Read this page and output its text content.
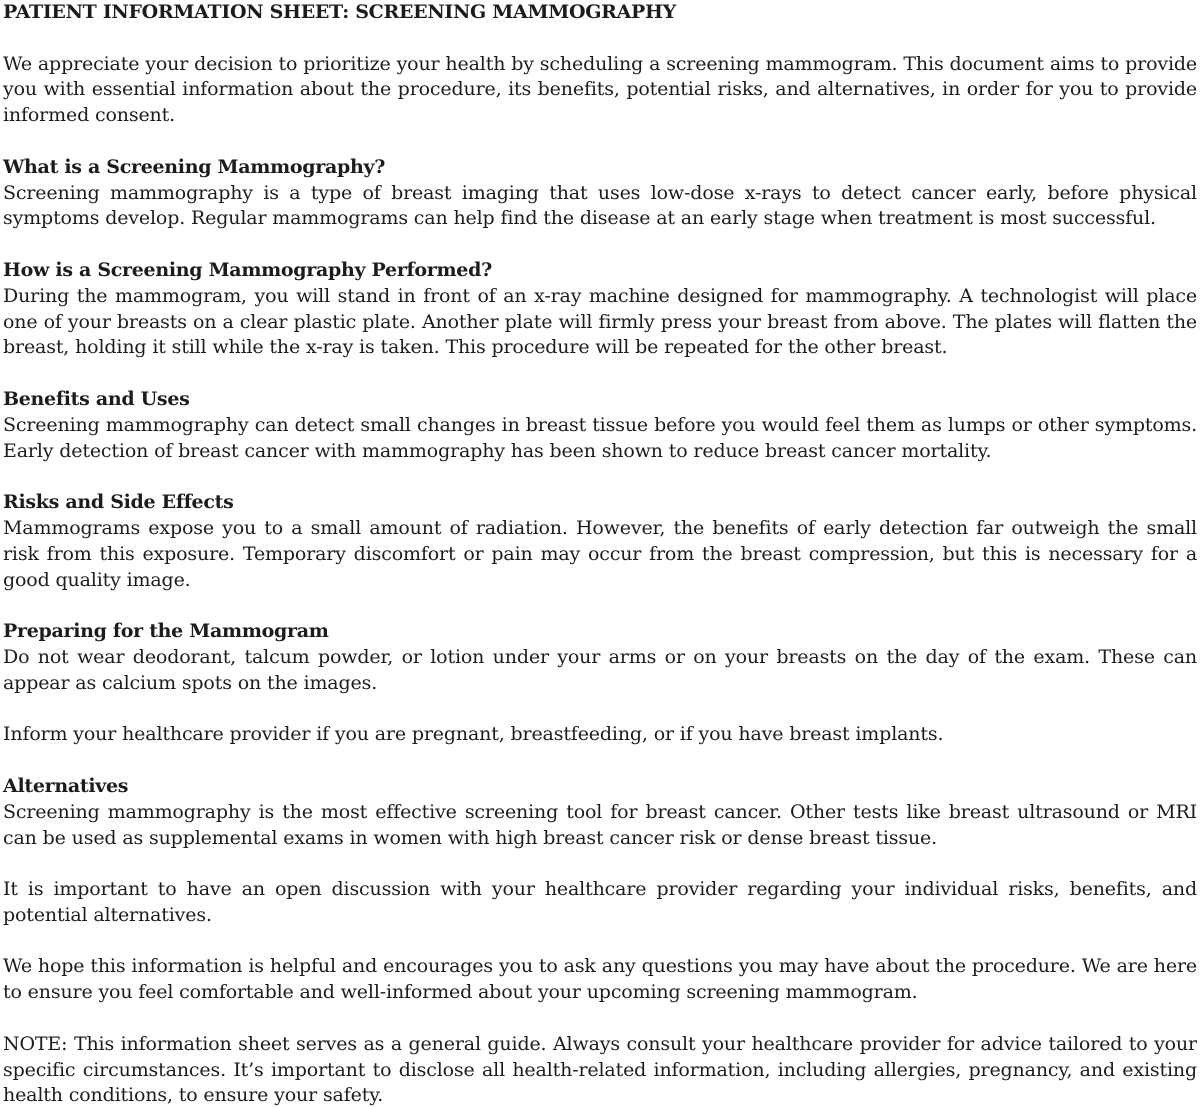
PATIENT INFORMATION SHEET: SCREENING MAMMOGRAPHY

We appreciate your decision to prioritize your health by scheduling a screening mammogram. This document aims to provide you with essential information about the procedure, its benefits, potential risks, and alternatives, in order for you to provide informed consent.

What is a Screening Mammography?

Screening mammography is a type of breast imaging that uses low-dose x-rays to detect cancer early, before physical symptoms develop. Regular mammograms can help find the disease at an early stage when treatment is most successful.

How is a Screening Mammography Performed?

During the mammogram, you will stand in front of an x-ray machine designed for mammography. A technologist will place one of your breasts on a clear plastic plate. Another plate will firmly press your breast from above. The plates will flatten the breast, holding it still while the x-ray is taken. This procedure will be repeated for the other breast.

Benefits and Uses

Screening mammography can detect small changes in breast tissue before you would feel them as lumps or other symptoms. Early detection of breast cancer with mammography has been shown to reduce breast cancer mortality.

Risks and Side Effects

Mammograms expose you to a small amount of radiation. However, the benefits of early detection far outweigh the small risk from this exposure. Temporary discomfort or pain may occur from the breast compression, but this is necessary for a good quality image.

Preparing for the Mammogram

Do not wear deodorant, talcum powder, or lotion under your arms or on your breasts on the day of the exam. These can appear as calcium spots on the images.

Inform your healthcare provider if you are pregnant, breastfeeding, or if you have breast implants.

Alternatives

Screening mammography is the most effective screening tool for breast cancer. Other tests like breast ultrasound or MRI can be used as supplemental exams in women with high breast cancer risk or dense breast tissue.

It is important to have an open discussion with your healthcare provider regarding your individual risks, benefits, and potential alternatives.

We hope this information is helpful and encourages you to ask any questions you may have about the procedure. We are here to ensure you feel comfortable and well-informed about your upcoming screening mammogram.

NOTE: This information sheet serves as a general guide. Always consult your healthcare provider for advice tailored to your specific circumstances. It’s important to disclose all health-related information, including allergies, pregnancy, and existing health conditions, to ensure your safety.
